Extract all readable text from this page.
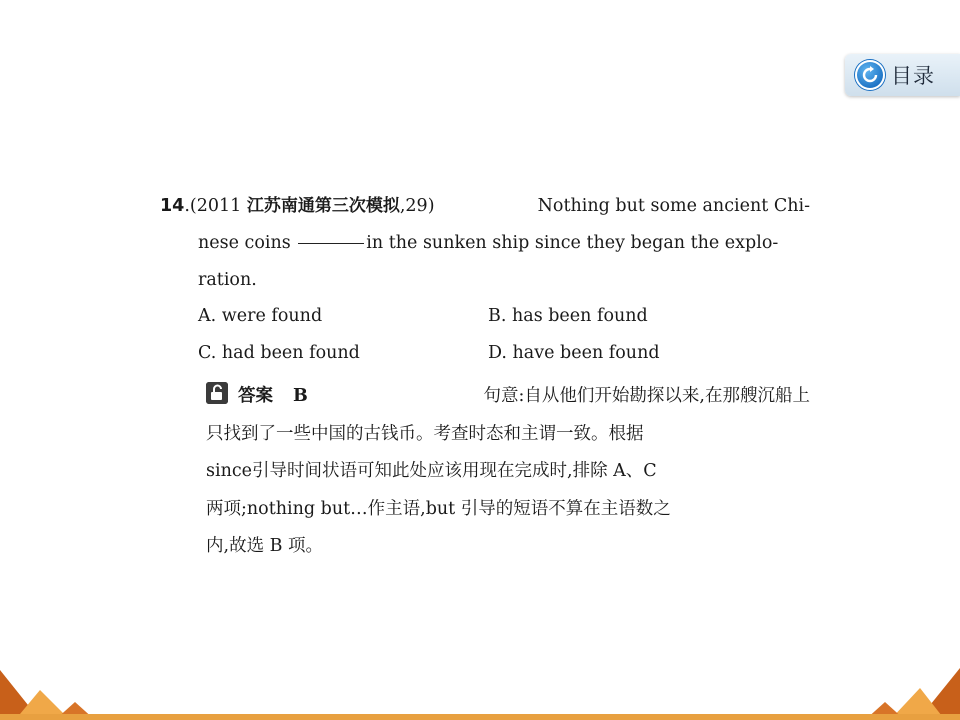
目录
14.(2011 江苏南通第三次模拟,29)	Nothing but some ancient Chi-
nese coins	in the sunken ship since they began the explo-
ration.
A. were found	B. has been found
C. had been found	D. have been found
答案 B	句意:自从他们开始勘探以来,在那艘沉船上
只找到了一些中国的古钱币。考查时态和主谓一致。根据
since引导时间状语可知此处应该用现在完成时,排除 A、C
两项;nothing but…作主语,but 引导的短语不算在主语数之
内,故选 B 项。
